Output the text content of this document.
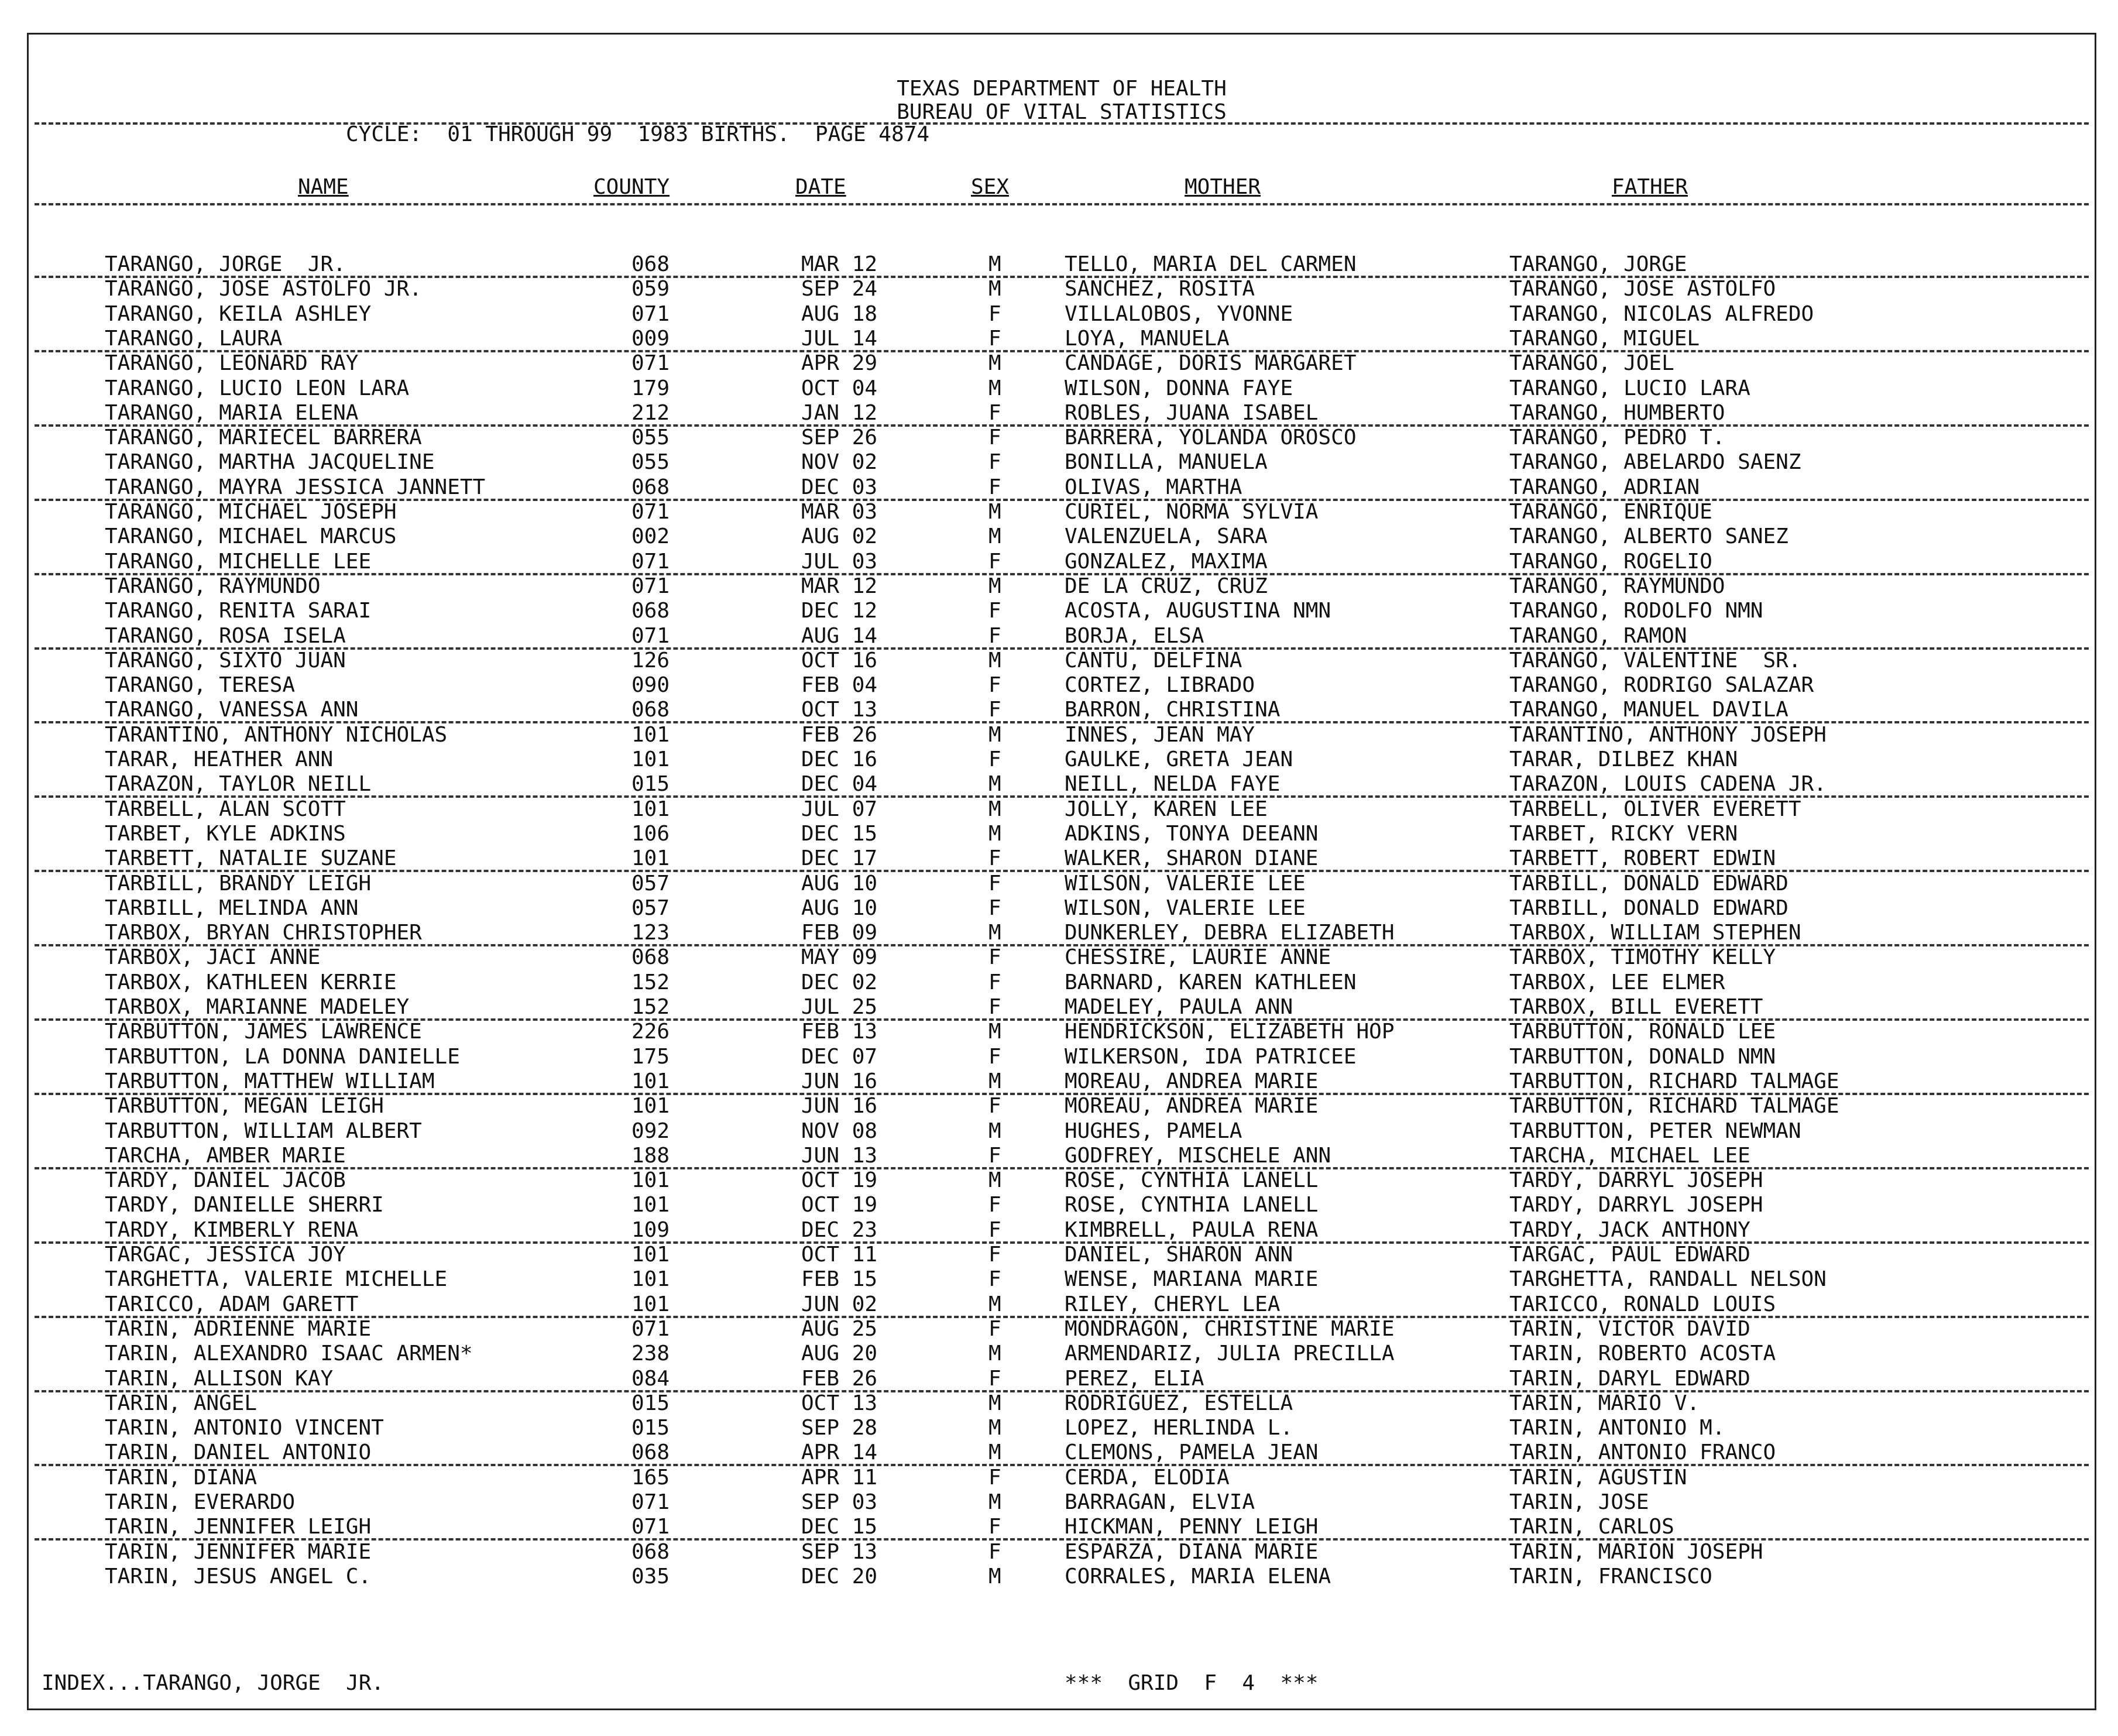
TEXAS DEPARTMENT OF HEALTH
BUREAU OF VITAL STATISTICS
CYCLE:  01 THROUGH 99  1983 BIRTHS.  PAGE 4874
NAME	COUNTY	DATE	SEX	MOTHER	FATHER
TARANGO, JORGE  JR.	068	MAR 12	M	TELLO, MARIA DEL CARMEN	TARANGO, JORGE
TARANGO, JOSE ASTOLFO JR.	059	SEP 24	M	SANCHEZ, ROSITA	TARANGO, JOSE ASTOLFO
TARANGO, KEILA ASHLEY	071	AUG 18	F	VILLALOBOS, YVONNE	TARANGO, NICOLAS ALFREDO
TARANGO, LAURA	009	JUL 14	F	LOYA, MANUELA	TARANGO, MIGUEL
TARANGO, LEONARD RAY	071	APR 29	M	CANDAGE, DORIS MARGARET	TARANGO, JOEL
TARANGO, LUCIO LEON LARA	179	OCT 04	M	WILSON, DONNA FAYE	TARANGO, LUCIO LARA
TARANGO, MARIA ELENA	212	JAN 12	F	ROBLES, JUANA ISABEL	TARANGO, HUMBERTO
TARANGO, MARIECEL BARRERA	055	SEP 26	F	BARRERA, YOLANDA OROSCO	TARANGO, PEDRO T.
TARANGO, MARTHA JACQUELINE	055	NOV 02	F	BONILLA, MANUELA	TARANGO, ABELARDO SAENZ
TARANGO, MAYRA JESSICA JANNETT	068	DEC 03	F	OLIVAS, MARTHA	TARANGO, ADRIAN
TARANGO, MICHAEL JOSEPH	071	MAR 03	M	CURIEL, NORMA SYLVIA	TARANGO, ENRIQUE
TARANGO, MICHAEL MARCUS	002	AUG 02	M	VALENZUELA, SARA	TARANGO, ALBERTO SANEZ
TARANGO, MICHELLE LEE	071	JUL 03	F	GONZALEZ, MAXIMA	TARANGO, ROGELIO
TARANGO, RAYMUNDO	071	MAR 12	M	DE LA CRUZ, CRUZ	TARANGO, RAYMUNDO
TARANGO, RENITA SARAI	068	DEC 12	F	ACOSTA, AUGUSTINA NMN	TARANGO, RODOLFO NMN
TARANGO, ROSA ISELA	071	AUG 14	F	BORJA, ELSA	TARANGO, RAMON
TARANGO, SIXTO JUAN	126	OCT 16	M	CANTU, DELFINA	TARANGO, VALENTINE  SR.
TARANGO, TERESA	090	FEB 04	F	CORTEZ, LIBRADO	TARANGO, RODRIGO SALAZAR
TARANGO, VANESSA ANN	068	OCT 13	F	BARRON, CHRISTINA	TARANGO, MANUEL DAVILA
TARANTINO, ANTHONY NICHOLAS	101	FEB 26	M	INNES, JEAN MAY	TARANTINO, ANTHONY JOSEPH
TARAR, HEATHER ANN	101	DEC 16	F	GAULKE, GRETA JEAN	TARAR, DILBEZ KHAN
TARAZON, TAYLOR NEILL	015	DEC 04	M	NEILL, NELDA FAYE	TARAZON, LOUIS CADENA JR.
TARBELL, ALAN SCOTT	101	JUL 07	M	JOLLY, KAREN LEE	TARBELL, OLIVER EVERETT
TARBET, KYLE ADKINS	106	DEC 15	M	ADKINS, TONYA DEEANN	TARBET, RICKY VERN
TARBETT, NATALIE SUZANE	101	DEC 17	F	WALKER, SHARON DIANE	TARBETT, ROBERT EDWIN
TARBILL, BRANDY LEIGH	057	AUG 10	F	WILSON, VALERIE LEE	TARBILL, DONALD EDWARD
TARBILL, MELINDA ANN	057	AUG 10	F	WILSON, VALERIE LEE	TARBILL, DONALD EDWARD
TARBOX, BRYAN CHRISTOPHER	123	FEB 09	M	DUNKERLEY, DEBRA ELIZABETH	TARBOX, WILLIAM STEPHEN
TARBOX, JACI ANNE	068	MAY 09	F	CHESSIRE, LAURIE ANNE	TARBOX, TIMOTHY KELLY
TARBOX, KATHLEEN KERRIE	152	DEC 02	F	BARNARD, KAREN KATHLEEN	TARBOX, LEE ELMER
TARBOX, MARIANNE MADELEY	152	JUL 25	F	MADELEY, PAULA ANN	TARBOX, BILL EVERETT
TARBUTTON, JAMES LAWRENCE	226	FEB 13	M	HENDRICKSON, ELIZABETH HOP	TARBUTTON, RONALD LEE
TARBUTTON, LA DONNA DANIELLE	175	DEC 07	F	WILKERSON, IDA PATRICEE	TARBUTTON, DONALD NMN
TARBUTTON, MATTHEW WILLIAM	101	JUN 16	M	MOREAU, ANDREA MARIE	TARBUTTON, RICHARD TALMAGE
TARBUTTON, MEGAN LEIGH	101	JUN 16	F	MOREAU, ANDREA MARIE	TARBUTTON, RICHARD TALMAGE
TARBUTTON, WILLIAM ALBERT	092	NOV 08	M	HUGHES, PAMELA	TARBUTTON, PETER NEWMAN
TARCHA, AMBER MARIE	188	JUN 13	F	GODFREY, MISCHELE ANN	TARCHA, MICHAEL LEE
TARDY, DANIEL JACOB	101	OCT 19	M	ROSE, CYNTHIA LANELL	TARDY, DARRYL JOSEPH
TARDY, DANIELLE SHERRI	101	OCT 19	F	ROSE, CYNTHIA LANELL	TARDY, DARRYL JOSEPH
TARDY, KIMBERLY RENA	109	DEC 23	F	KIMBRELL, PAULA RENA	TARDY, JACK ANTHONY
TARGAC, JESSICA JOY	101	OCT 11	F	DANIEL, SHARON ANN	TARGAC, PAUL EDWARD
TARGHETTA, VALERIE MICHELLE	101	FEB 15	F	WENSE, MARIANA MARIE	TARGHETTA, RANDALL NELSON
TARICCO, ADAM GARETT	101	JUN 02	M	RILEY, CHERYL LEA	TARICCO, RONALD LOUIS
TARIN, ADRIENNE MARIE	071	AUG 25	F	MONDRAGON, CHRISTINE MARIE	TARIN, VICTOR DAVID
TARIN, ALEXANDRO ISAAC ARMEN*	238	AUG 20	M	ARMENDARIZ, JULIA PRECILLA	TARIN, ROBERTO ACOSTA
TARIN, ALLISON KAY	084	FEB 26	F	PEREZ, ELIA	TARIN, DARYL EDWARD
TARIN, ANGEL	015	OCT 13	M	RODRIGUEZ, ESTELLA	TARIN, MARIO V.
TARIN, ANTONIO VINCENT	015	SEP 28	M	LOPEZ, HERLINDA L.	TARIN, ANTONIO M.
TARIN, DANIEL ANTONIO	068	APR 14	M	CLEMONS, PAMELA JEAN	TARIN, ANTONIO FRANCO
TARIN, DIANA	165	APR 11	F	CERDA, ELODIA	TARIN, AGUSTIN
TARIN, EVERARDO	071	SEP 03	M	BARRAGAN, ELVIA	TARIN, JOSE
TARIN, JENNIFER LEIGH	071	DEC 15	F	HICKMAN, PENNY LEIGH	TARIN, CARLOS
TARIN, JENNIFER MARIE	068	SEP 13	F	ESPARZA, DIANA MARIE	TARIN, MARION JOSEPH
TARIN, JESUS ANGEL C.	035	DEC 20	M	CORRALES, MARIA ELENA	TARIN, FRANCISCO
INDEX...TARANGO, JORGE  JR.	***  GRID  F  4  ***
